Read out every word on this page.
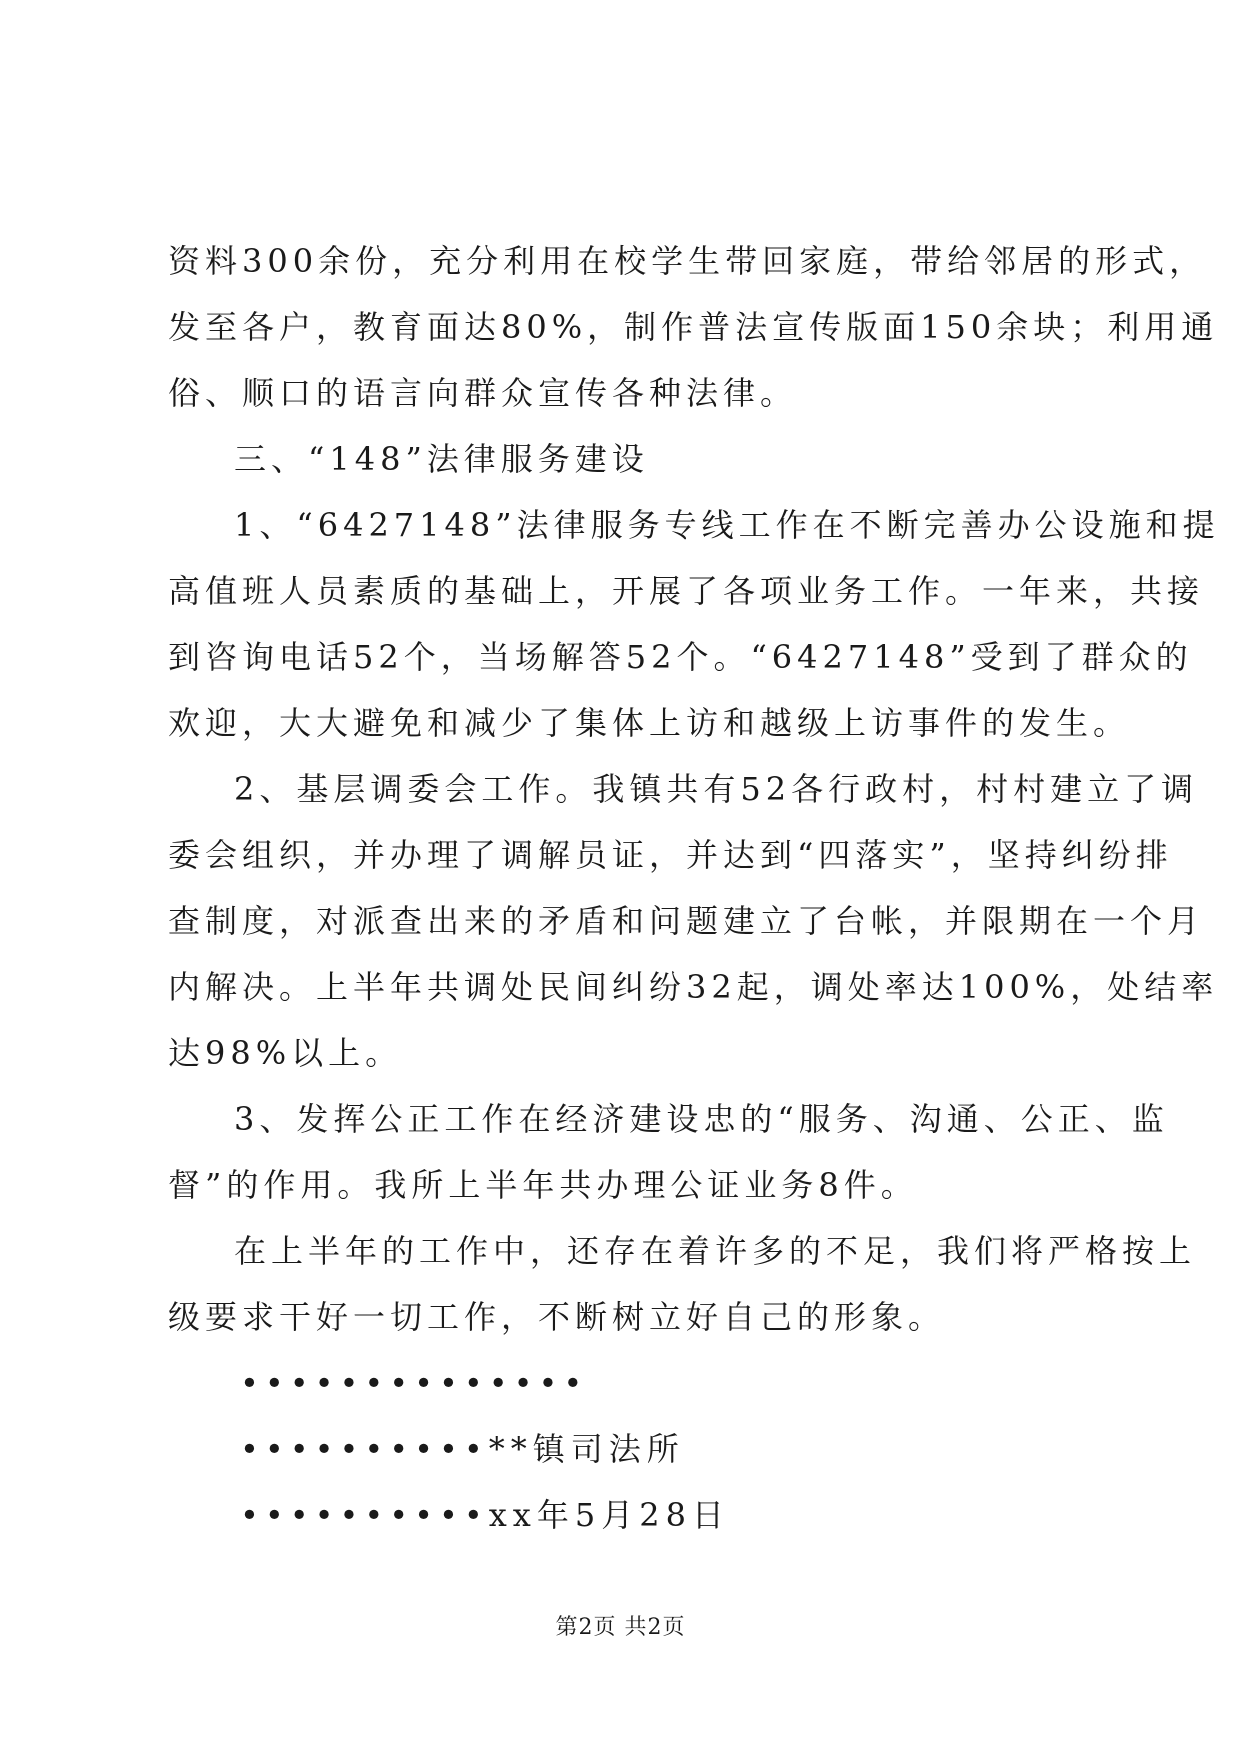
资料300余份，充分利用在校学生带回家庭，带给邻居的形式，
发至各户，教育面达80%，制作普法宣传版面150余块；利用通
俗、顺口的语言向群众宣传各种法律。
三、“148”法律服务建设
1、“6427148”法律服务专线工作在不断完善办公设施和提
高值班人员素质的基础上，开展了各项业务工作。一年来，共接
到咨询电话52个，当场解答52个。“6427148”受到了群众的
欢迎，大大避免和减少了集体上访和越级上访事件的发生。
2、基层调委会工作。我镇共有52各行政村，村村建立了调
委会组织，并办理了调解员证，并达到“四落实”，坚持纠纷排
查制度，对派查出来的矛盾和问题建立了台帐，并限期在一个月
内解决。上半年共调处民间纠纷32起，调处率达100%，处结率
达98%以上。
3、发挥公正工作在经济建设忠的“服务、沟通、公正、监
督”的作用。我所上半年共办理公证业务8件。
在上半年的工作中，还存在着许多的不足，我们将严格按上
级要求干好一切工作，不断树立好自己的形象。
••••••••••••••
••••••••••**镇司法所
••••••••••xx年5月28日
第2页 共2页
